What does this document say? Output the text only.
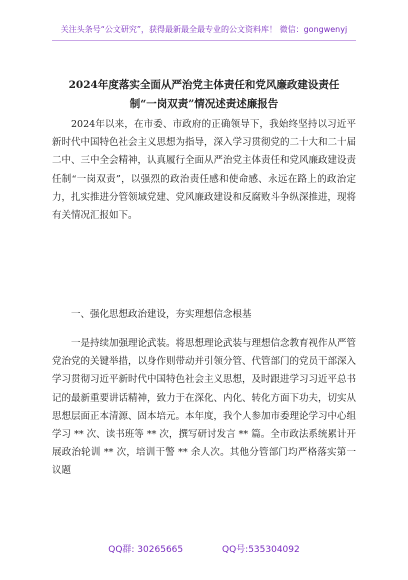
关注头条号“公文研究”，获得最新最全最专业的公文资料库！ 微信：gongwenyj
2024年度落实全面从严治党主体责任和党风廉政建设责任
制“一岗双责”情况述责述廉报告

2024年以来，在市委、市政府的正确领导下，我始终坚持以习近平新时代中国特色社会主义思想为指导，深入学习贯彻党的二十大和二十届二中、三中全会精神，认真履行全面从严治党主体责任和党风廉政建设责任制“一岗双责”，以强烈的政治责任感和使命感、永远在路上的政治定力，扎实推进分管领域党建、党风廉政建设和反腐败斗争纵深推进，现将有关情况汇报如下。

一、强化思想政治建设，夯实理想信念根基

一是持续加强理论武装。将思想理论武装与理想信念教育视作从严管党治党的关键举措，以身作则带动并引领分管、代管部门的党员干部深入学习贯彻习近平新时代中国特色社会主义思想，及时跟进学习习近平总书记的最新重要讲话精神，致力于在深化、内化、转化方面下功夫，切实从思想层面正本清源、固本培元。本年度，我个人参加市委理论学习中心组学习 ** 次、读书班等 ** 次，撰写研讨发言 ** 篇。全市政法系统累计开展政治轮训 ** 次，培训干警 ** 余人次。其他分管部门均严格落实第一议题

QQ群: 30265665	QQ号:535304092
